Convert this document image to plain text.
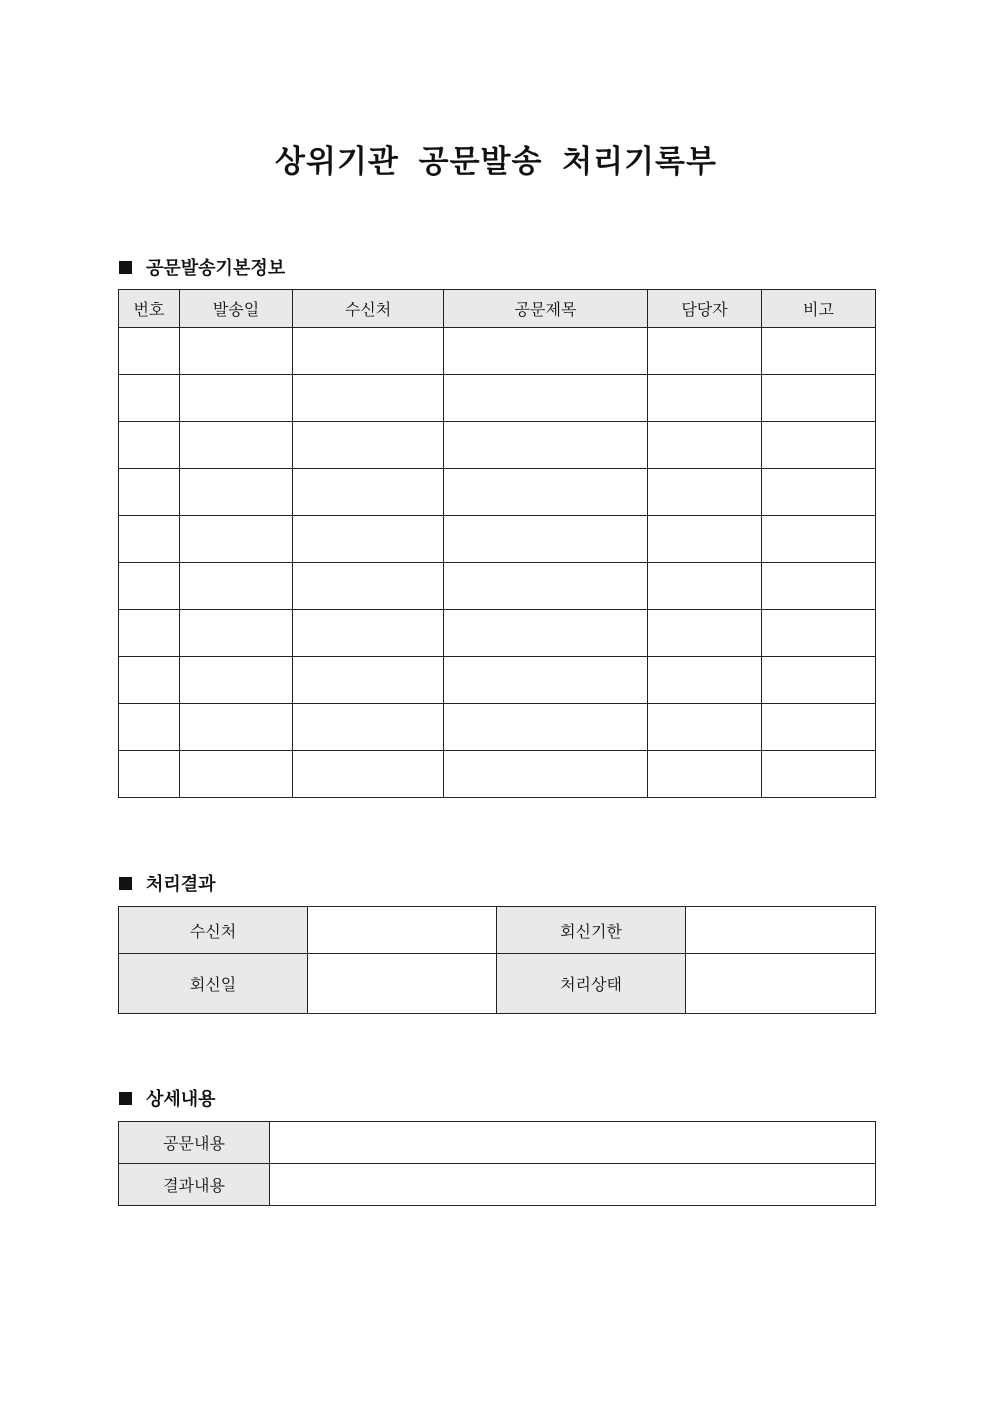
상위기관 공문발송 처리기록부
공문발송기본정보
번호	발송일	수신처	공문제목	담당자	비고

처리결과
수신처		회신기한	
회신일		처리상태	
상세내용
공문내용	
결과내용	
